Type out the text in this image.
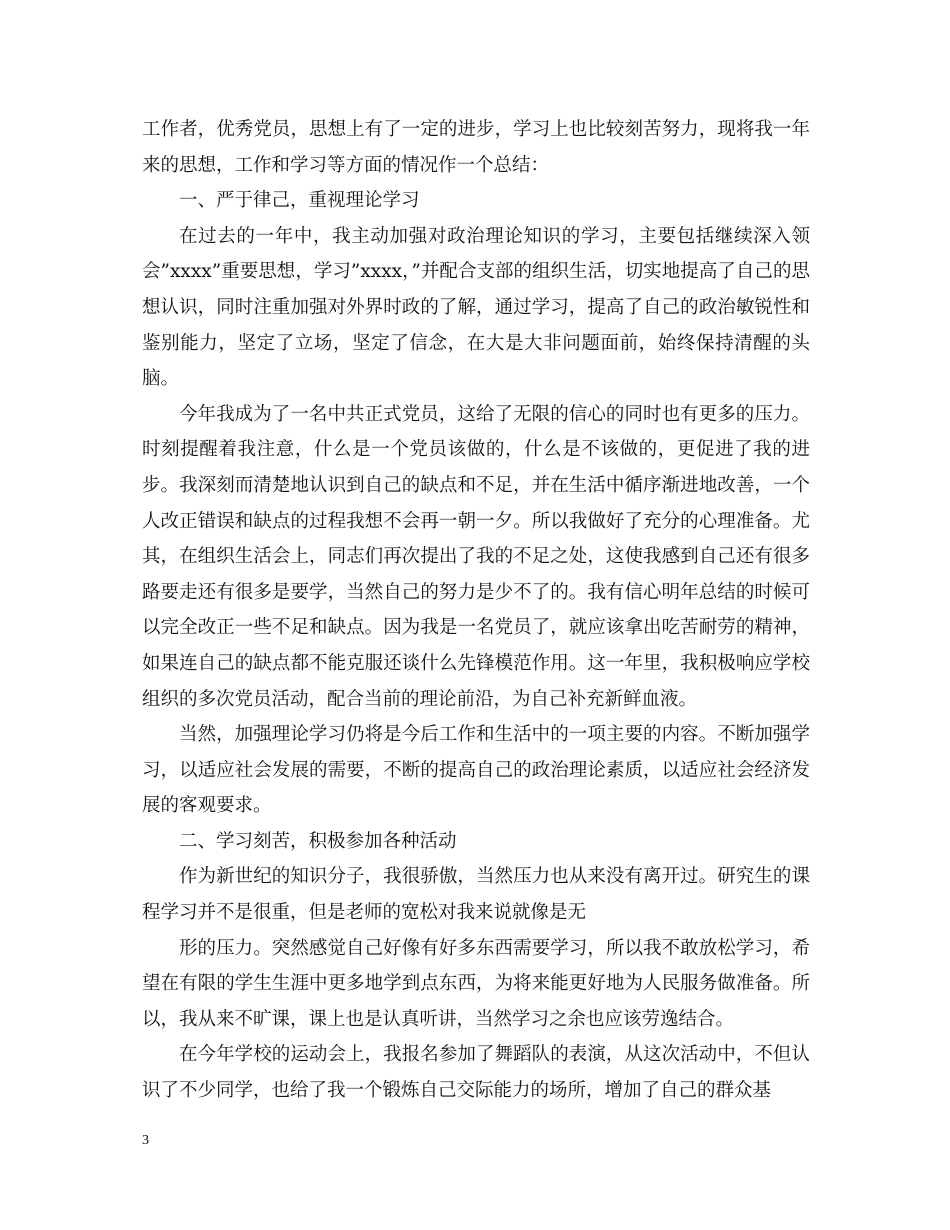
工作者，优秀党员，思想上有了一定的进步，学习上也比较刻苦努力，现将我一年来的思想，工作和学习等方面的情况作一个总结：

一、严于律己，重视理论学习

在过去的一年中，我主动加强对政治理论知识的学习，主要包括继续深入领会”xxxx”重要思想，学习”xxxx，”并配合支部的组织生活，切实地提高了自己的思想认识，同时注重加强对外界时政的了解，通过学习，提高了自己的政治敏锐性和鉴别能力，坚定了立场，坚定了信念，在大是大非问题面前，始终保持清醒的头脑。

今年我成为了一名中共正式党员，这给了无限的信心的同时也有更多的压力。时刻提醒着我注意，什么是一个党员该做的，什么是不该做的，更促进了我的进步。我深刻而清楚地认识到自己的缺点和不足，并在生活中循序渐进地改善，一个人改正错误和缺点的过程我想不会再一朝一夕。所以我做好了充分的心理准备。尤其，在组织生活会上，同志们再次提出了我的不足之处，这使我感到自己还有很多路要走还有很多是要学，当然自己的努力是少不了的。我有信心明年总结的时候可以完全改正一些不足和缺点。因为我是一名党员了，就应该拿出吃苦耐劳的精神，如果连自己的缺点都不能克服还谈什么先锋模范作用。这一年里，我积极响应学校组织的多次党员活动，配合当前的理论前沿，为自己补充新鲜血液。

当然，加强理论学习仍将是今后工作和生活中的一项主要的内容。不断加强学习，以适应社会发展的需要，不断的提高自己的政治理论素质，以适应社会经济发展的客观要求。

二、学习刻苦，积极参加各种活动

作为新世纪的知识分子，我很骄傲，当然压力也从来没有离开过。研究生的课程学习并不是很重，但是老师的宽松对我来说就像是无

形的压力。突然感觉自己好像有好多东西需要学习，所以我不敢放松学习，希望在有限的学生生涯中更多地学到点东西，为将来能更好地为人民服务做准备。所以，我从来不旷课，课上也是认真听讲，当然学习之余也应该劳逸结合。

在今年学校的运动会上，我报名参加了舞蹈队的表演，从这次活动中，不但认识了不少同学，也给了我一个锻炼自己交际能力的场所，增加了自己的群众基

3
